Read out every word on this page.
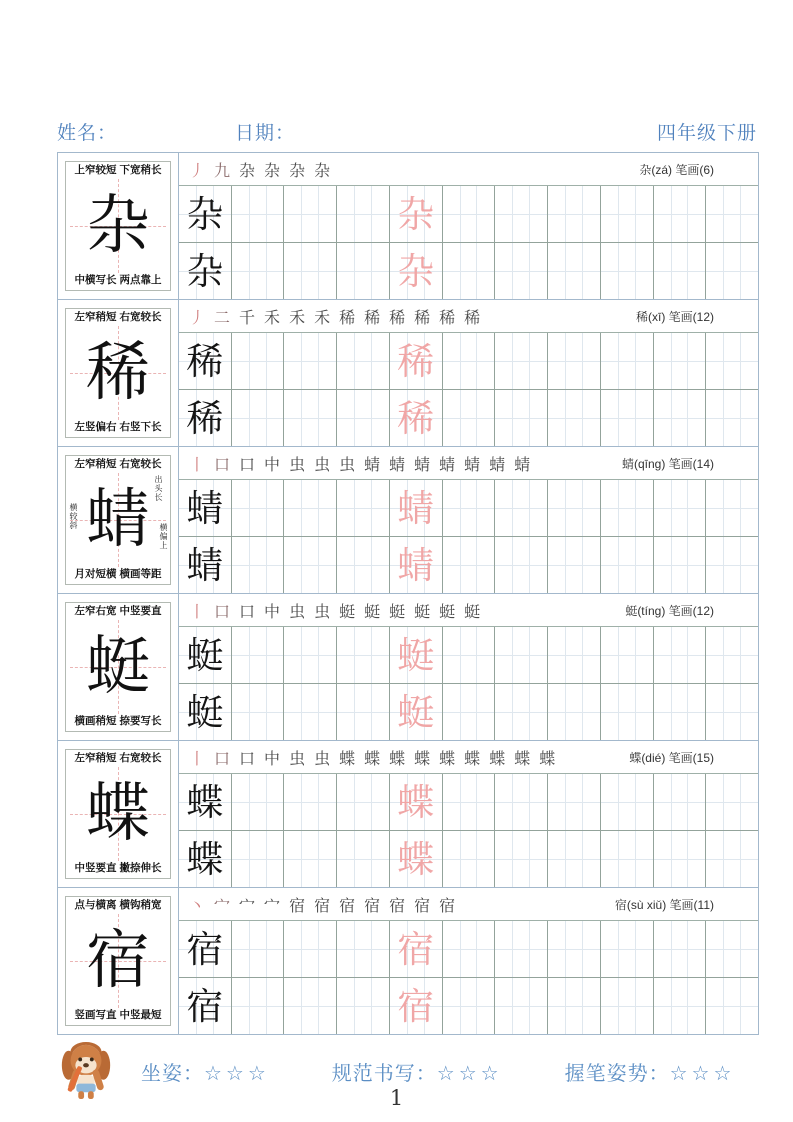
姓名：	日期：	四年级下册
上窄较短 下宽稍长
杂
中横写长 两点靠上
丿 九 杂 杂 杂 杂	杂(zá) 笔画(6)
杂	杂
杂	杂
左窄稍短 右宽较长
稀
左竖偏右 右竖下长
丿 二 千 禾 禾 禾 稀 稀 稀 稀 稀 稀	稀(xī) 笔画(12)
稀	稀
稀	稀
左窄稍短 右宽较长
蜻 出头长
横较斜
横偏上
月对短横 横画等距
丨 口 口 中 虫 虫 虫 蜻 蜻 蜻 蜻 蜻 蜻 蜻	蜻(qīng) 笔画(14)
蜻	蜻
蜻	蜻
左窄右宽 中竖要直
蜓
横画稍短 捺要写长
丨 口 口 中 虫 虫 蜓 蜓 蜓 蜓 蜓 蜓	蜓(tíng) 笔画(12)
蜓	蜓
蜓	蜓
左窄稍短 右宽较长
蝶
中竖要直 撇捺伸长
丨 口 口 中 虫 虫 蝶 蝶 蝶 蝶 蝶 蝶 蝶 蝶 蝶	蝶(dié) 笔画(15)
蝶	蝶
蝶	蝶
点与横离 横钩稍宽
宿
竖画写直 中竖最短
丶 宀 宀 宀 宿 宿 宿 宿 宿 宿 宿	宿(sù xiǔ) 笔画(11)
宿	宿
宿	宿
坐姿：☆☆☆	规范书写：☆☆☆	握笔姿势：☆☆☆
1
